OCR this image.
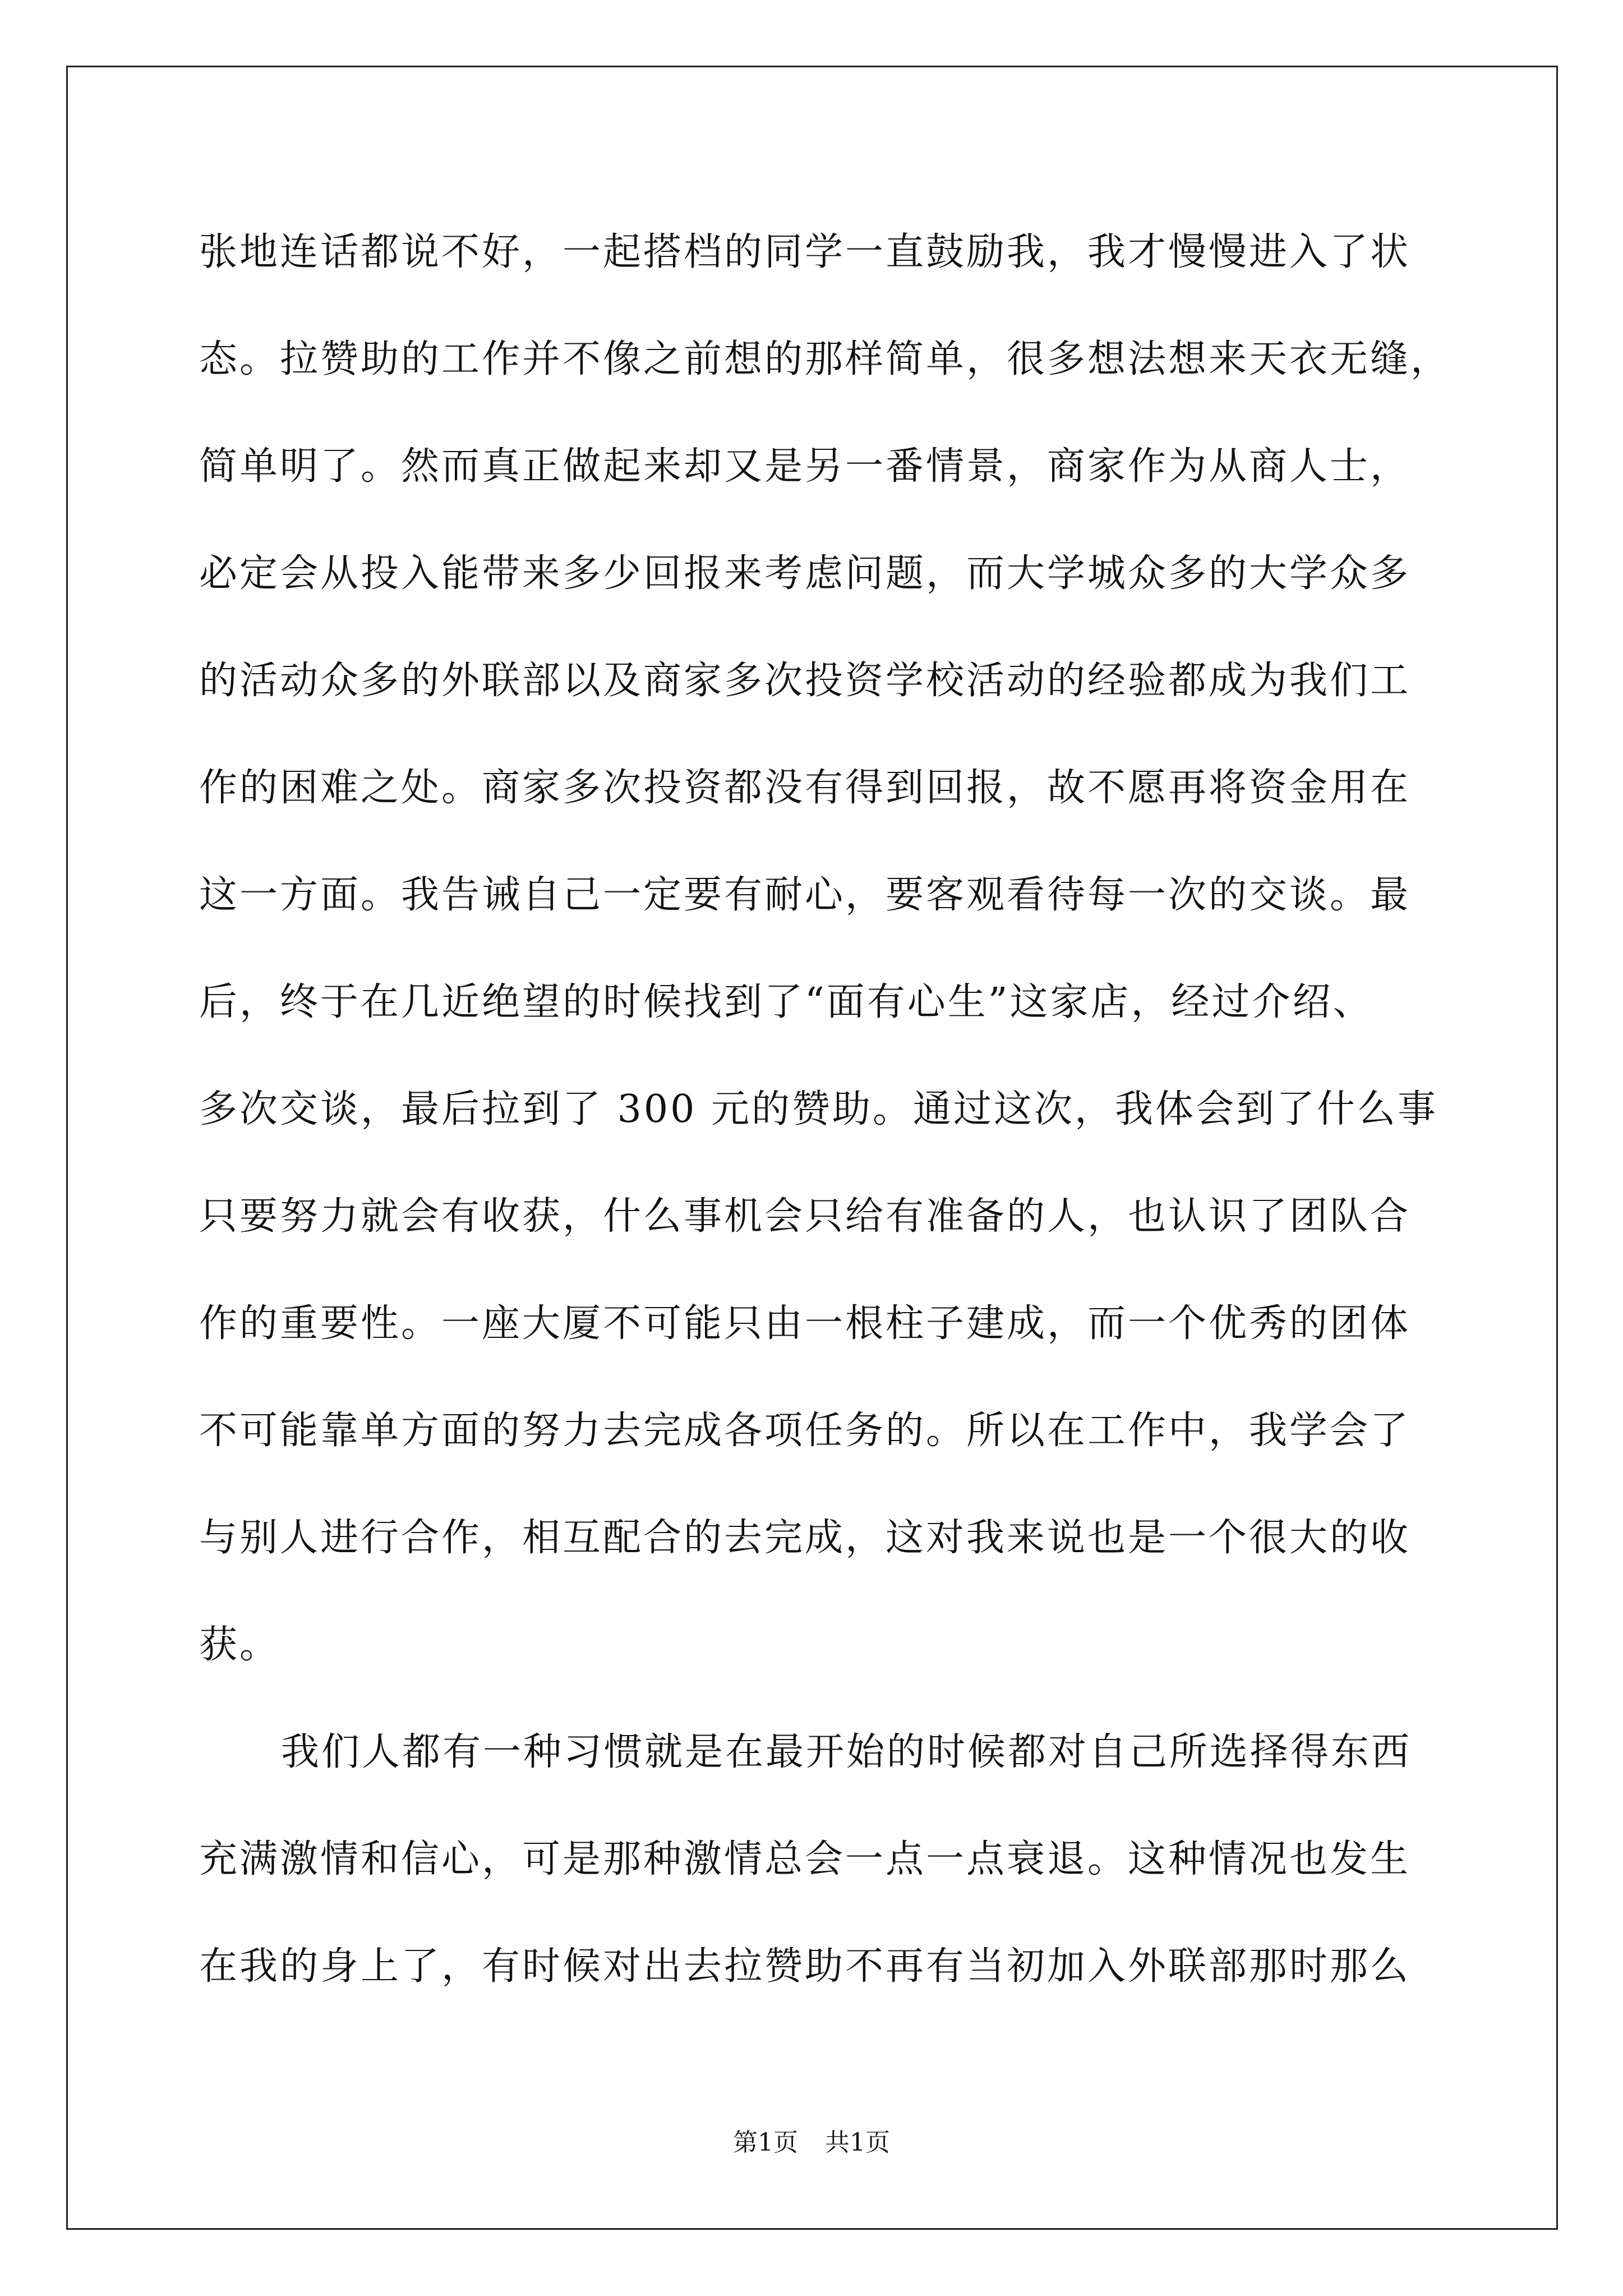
张地连话都说不好，一起搭档的同学一直鼓励我，我才慢慢进入了状
态。拉赞助的工作并不像之前想的那样简单，很多想法想来天衣无缝，
简单明了。然而真正做起来却又是另一番情景，商家作为从商人士，
必定会从投入能带来多少回报来考虑问题，而大学城众多的大学众多
的活动众多的外联部以及商家多次投资学校活动的经验都成为我们工
作的困难之处。商家多次投资都没有得到回报，故不愿再将资金用在
这一方面。我告诫自己一定要有耐心，要客观看待每一次的交谈。最
后，终于在几近绝望的时候找到了“面有心生”这家店，经过介绍、
多次交谈，最后拉到了 300 元的赞助。通过这次，我体会到了什么事
只要努力就会有收获，什么事机会只给有准备的人，也认识了团队合
作的重要性。一座大厦不可能只由一根柱子建成，而一个优秀的团体
不可能靠单方面的努力去完成各项任务的。所以在工作中，我学会了
与别人进行合作，相互配合的去完成，这对我来说也是一个很大的收
获。
我们人都有一种习惯就是在最开始的时候都对自己所选择得东西
充满激情和信心，可是那种激情总会一点一点衰退。这种情况也发生
在我的身上了，有时候对出去拉赞助不再有当初加入外联部那时那么
第1页 共1页
